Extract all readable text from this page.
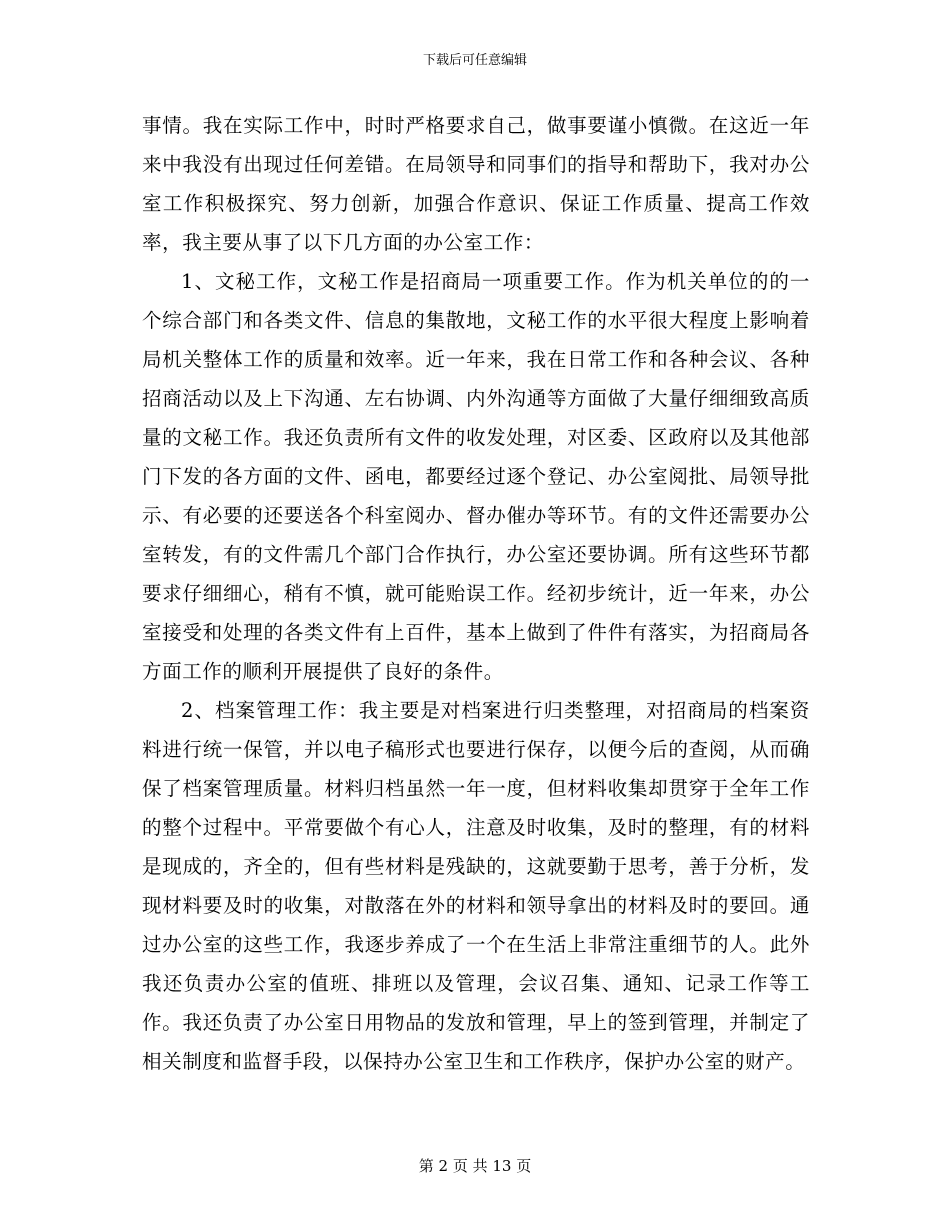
下载后可任意编辑

事情。我在实际工作中，时时严格要求自己，做事要谨小慎微。在这近一年来中我没有出现过任何差错。在局领导和同事们的指导和帮助下，我对办公室工作积极探究、努力创新，加强合作意识、保证工作质量、提高工作效率，我主要从事了以下几方面的办公室工作：

1、文秘工作，文秘工作是招商局一项重要工作。作为机关单位的的一个综合部门和各类文件、信息的集散地，文秘工作的水平很大程度上影响着局机关整体工作的质量和效率。近一年来，我在日常工作和各种会议、各种招商活动以及上下沟通、左右协调、内外沟通等方面做了大量仔细细致高质量的文秘工作。我还负责所有文件的收发处理，对区委、区政府以及其他部门下发的各方面的文件、函电，都要经过逐个登记、办公室阅批、局领导批示、有必要的还要送各个科室阅办、督办催办等环节。有的文件还需要办公室转发，有的文件需几个部门合作执行，办公室还要协调。所有这些环节都要求仔细细心，稍有不慎，就可能贻误工作。经初步统计，近一年来，办公室接受和处理的各类文件有上百件，基本上做到了件件有落实，为招商局各方面工作的顺利开展提供了良好的条件。

2、档案管理工作：我主要是对档案进行归类整理，对招商局的档案资料进行统一保管，并以电子稿形式也要进行保存，以便今后的查阅，从而确保了档案管理质量。材料归档虽然一年一度，但材料收集却贯穿于全年工作的整个过程中。平常要做个有心人，注意及时收集，及时的整理，有的材料是现成的，齐全的，但有些材料是残缺的，这就要勤于思考，善于分析，发现材料要及时的收集，对散落在外的材料和领导拿出的材料及时的要回。通过办公室的这些工作，我逐步养成了一个在生活上非常注重细节的人。此外我还负责办公室的值班、排班以及管理，会议召集、通知、记录工作等工作。我还负责了办公室日用物品的发放和管理，早上的签到管理，并制定了相关制度和监督手段，以保持办公室卫生和工作秩序，保护办公室的财产。

第 2 页 共 13 页
